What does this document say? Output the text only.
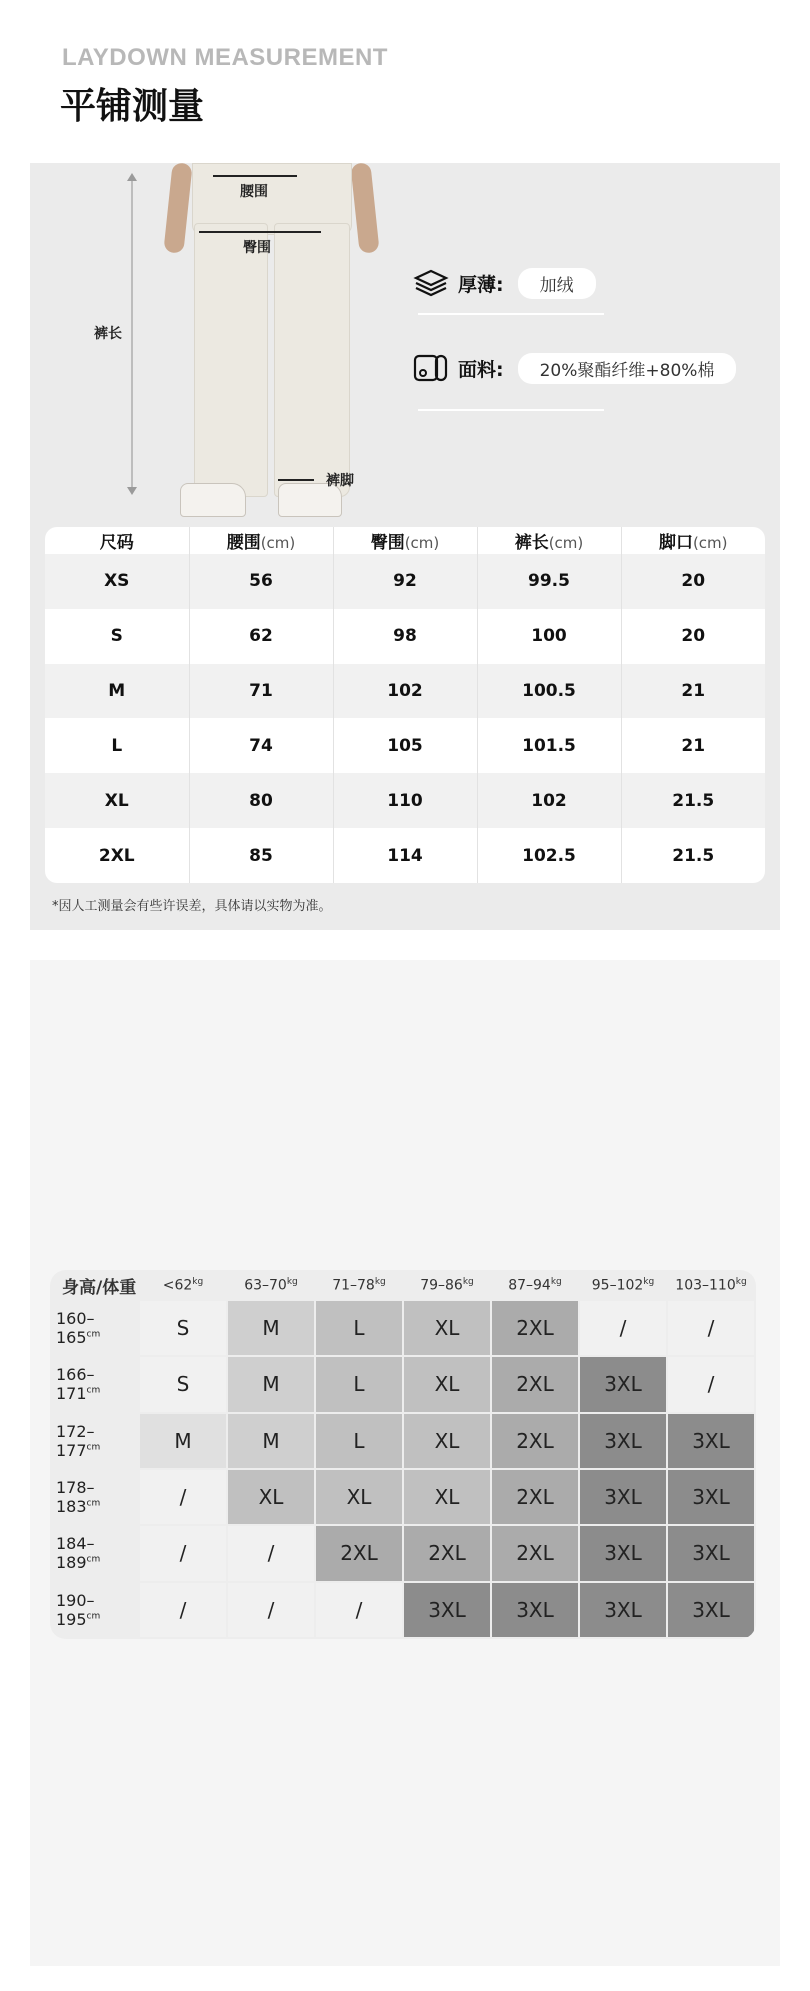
LAYDOWN MEASUREMENT
平铺测量
裤长
腰围
臀围
裤脚
厚薄:	加绒
面料:	20%聚酯纤维+80%棉
尺码	腰围(cm)	臀围(cm)	裤长(cm)	脚口(cm)
XS	56	92	99.5	20
S	62	98	100	20
M	71	102	100.5	21
L	74	105	101.5	21
XL	80	110	102	21.5
2XL	85	114	102.5	21.5
*因人工测量会有些许误差，具体请以实物为准。
身高/体重	$<62^{kg}$	$63-70^{kg}$	$71-78^{kg}$	$79-86^{kg}$	$87-94^{kg}$	$95-102^{kg}$	$103-110^{kg}$
$160-165^{cm}$	S	M	L	XL	2XL	/	/
$166-171^{cm}$	S	M	L	XL	2XL	3XL	/
$172-177^{cm}$	M	M	L	XL	2XL	3XL	3XL
$178-183^{cm}$	/	XL	XL	XL	2XL	3XL	3XL
$184-189^{cm}$	/	/	2XL	2XL	2XL	3XL	3XL
$190-195^{cm}$	/	/	/	3XL	3XL	3XL	3XL
